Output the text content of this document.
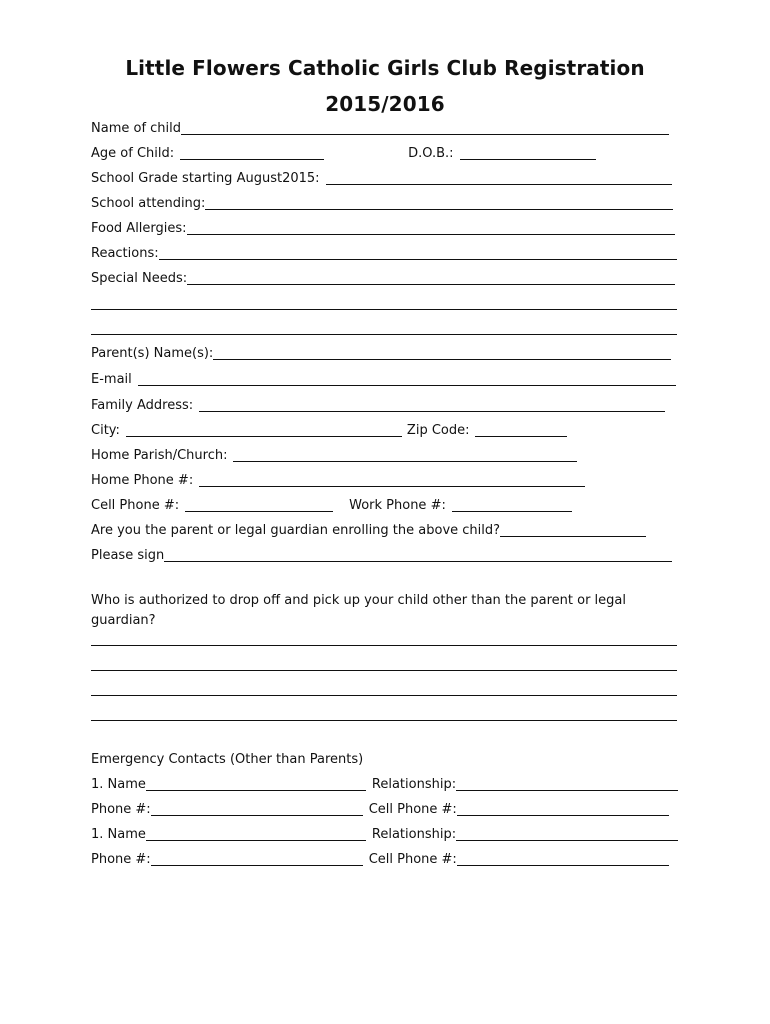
Little Flowers Catholic Girls Club Registration
2015/2016
Name of child
Age of Child:	D.O.B.:
School Grade starting August2015:
School attending:
Food Allergies:
Reactions:
Special Needs:
Parent(s) Name(s):
E-mail
Family Address:
City:	Zip Code:
Home Parish/Church:
Home Phone #:
Cell Phone #:	Work Phone #:
Are you the parent or legal guardian enrolling the above child?
Please sign

Who is authorized to drop off and pick up your child other than the parent or legal guardian?

Emergency Contacts (Other than Parents)
1. Name	Relationship:
Phone #:	Cell Phone #:
1. Name	Relationship:
Phone #:	Cell Phone #:
